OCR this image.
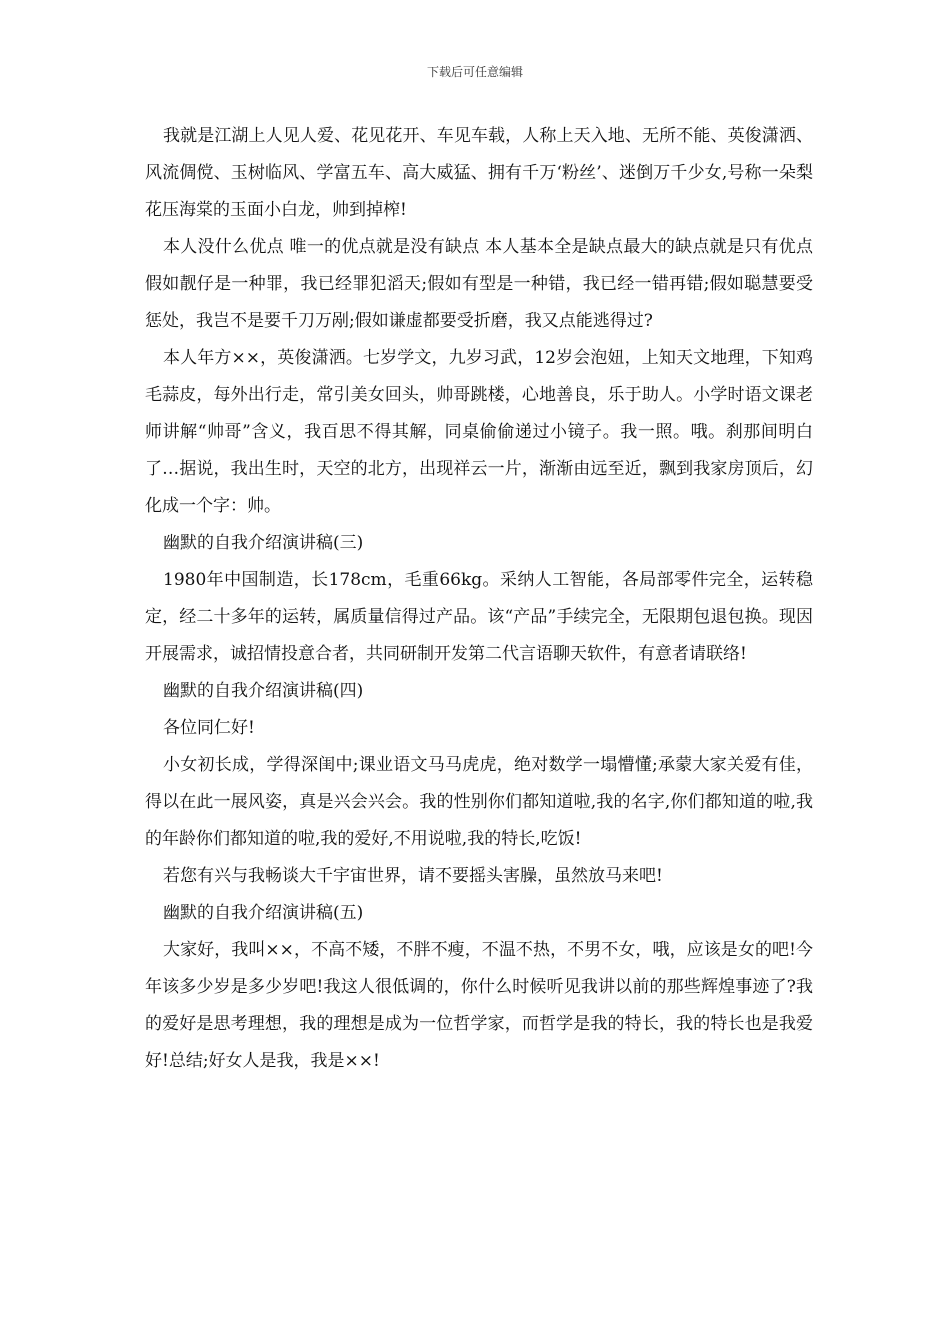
下载后可任意编辑

我就是江湖上人见人爱、花见花开、车见车载，人称上天入地、无所不能、英俊潇洒、风流倜傥、玉树临风、学富五车、高大威猛、拥有千万‘粉丝’、迷倒万千少女,号称一朵梨花压海棠的玉面小白龙，帅到掉榨!

本人没什么优点 唯一的优点就是没有缺点 本人基本全是缺点最大的缺点就是只有优点假如靓仔是一种罪，我已经罪犯滔天;假如有型是一种错，我已经一错再错;假如聪慧要受惩处，我岂不是要千刀万剐;假如谦虚都要受折磨，我又点能逃得过?

本人年方××，英俊潇洒。七岁学文，九岁习武，12岁会泡妞，上知天文地理，下知鸡毛蒜皮，每外出行走，常引美女回头，帅哥跳楼，心地善良，乐于助人。小学时语文课老师讲解“帅哥”含义，我百思不得其解，同桌偷偷递过小镜子。我一照。哦。刹那间明白了…据说，我出生时，天空的北方，出现祥云一片，渐渐由远至近，飘到我家房顶后，幻化成一个字：帅。

幽默的自我介绍演讲稿(三)

1980年中国制造，长178cm，毛重66kg。采纳人工智能，各局部零件完全，运转稳定，经二十多年的运转，属质量信得过产品。该“产品”手续完全，无限期包退包换。现因开展需求，诚招情投意合者，共同研制开发第二代言语聊天软件，有意者请联络!

幽默的自我介绍演讲稿(四)

各位同仁好!

小女初长成，学得深闺中;课业语文马马虎虎，绝对数学一塌懵懂;承蒙大家关爱有佳，得以在此一展风姿，真是兴会兴会。我的性别你们都知道啦,我的名字,你们都知道的啦,我的年龄你们都知道的啦,我的爱好,不用说啦,我的特长,吃饭!

若您有兴与我畅谈大千宇宙世界，请不要摇头害臊，虽然放马来吧!

幽默的自我介绍演讲稿(五)

大家好，我叫××，不高不矮，不胖不瘦，不温不热，不男不女，哦，应该是女的吧!今年该多少岁是多少岁吧!我这人很低调的，你什么时候听见我讲以前的那些辉煌事迹了?我的爱好是思考理想，我的理想是成为一位哲学家，而哲学是我的特长，我的特长也是我爱好!总结;好女人是我，我是××!
